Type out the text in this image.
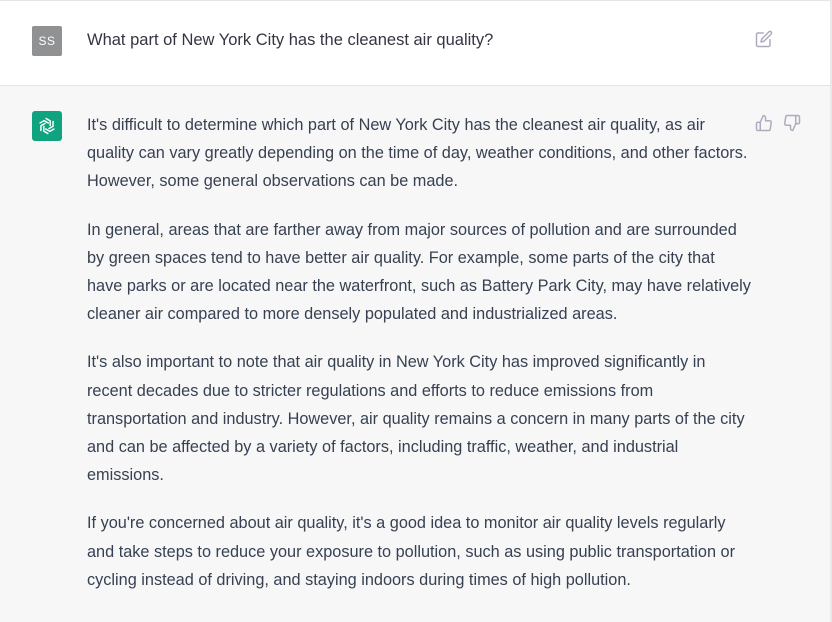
SS	What part of New York City has the cleanest air quality?

It's difficult to determine which part of New York City has the cleanest air quality, as air quality can vary greatly depending on the time of day, weather conditions, and other factors. However, some general observations can be made.

In general, areas that are farther away from major sources of pollution and are surrounded by green spaces tend to have better air quality. For example, some parts of the city that have parks or are located near the waterfront, such as Battery Park City, may have relatively cleaner air compared to more densely populated and industrialized areas.

It's also important to note that air quality in New York City has improved significantly in recent decades due to stricter regulations and efforts to reduce emissions from transportation and industry. However, air quality remains a concern in many parts of the city and can be affected by a variety of factors, including traffic, weather, and industrial emissions.

If you're concerned about air quality, it's a good idea to monitor air quality levels regularly and take steps to reduce your exposure to pollution, such as using public transportation or cycling instead of driving, and staying indoors during times of high pollution.
